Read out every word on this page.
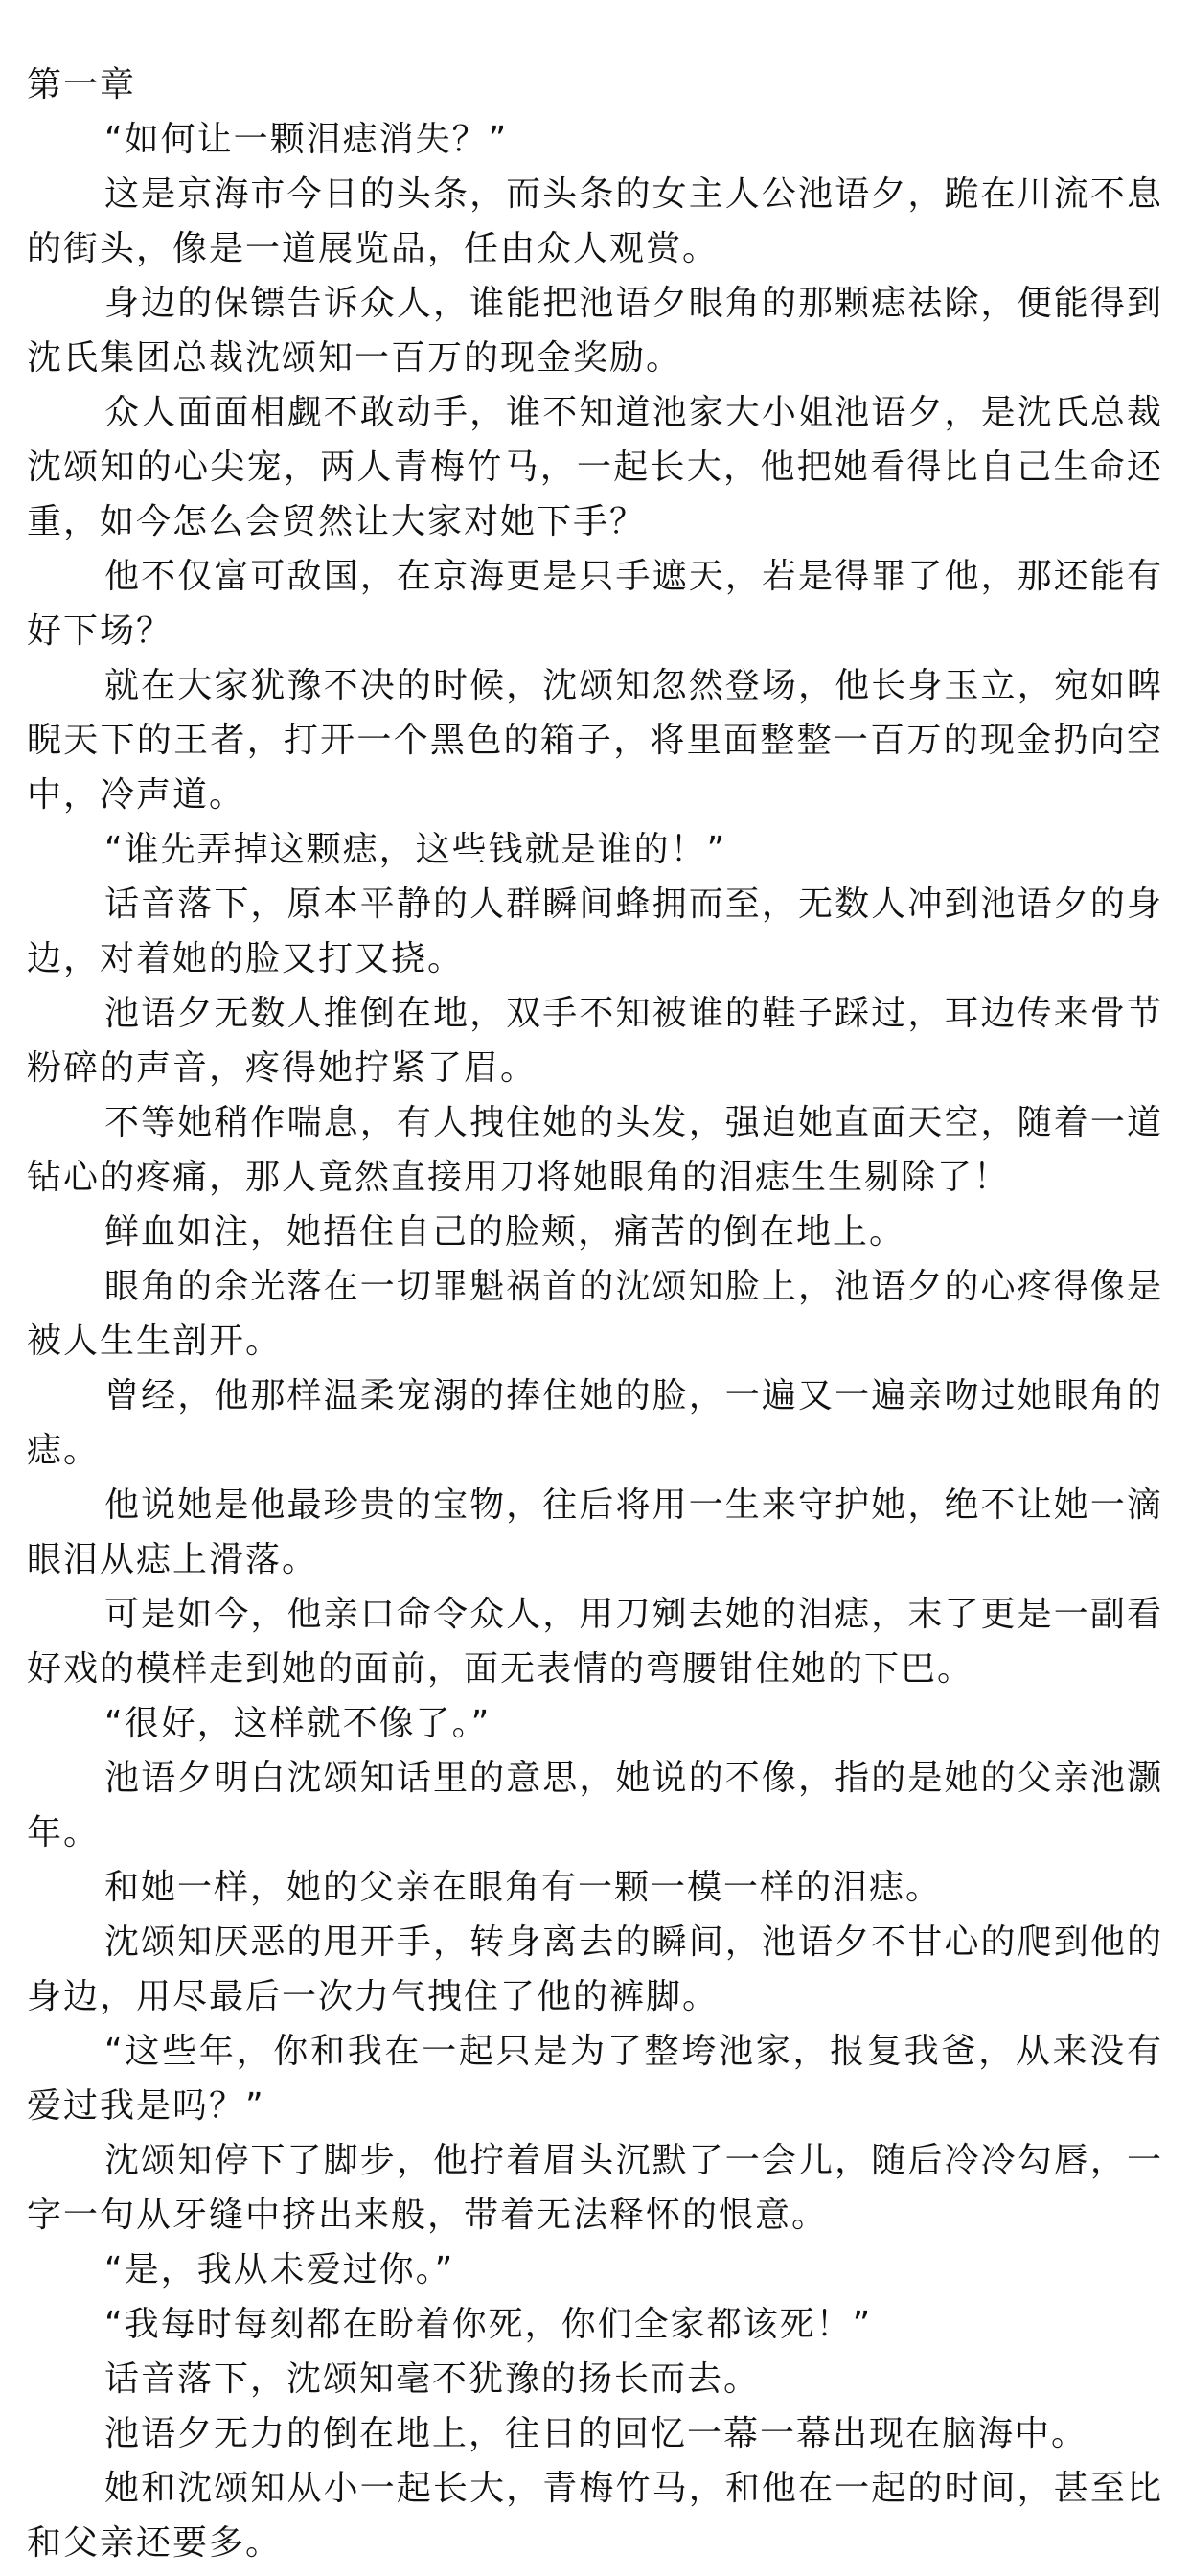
第一章

“如何让一颗泪痣消失？”

这是京海市今日的头条，而头条的女主人公池语夕，跪在川流不息的街头，像是一道展览品，任由众人观赏。

身边的保镖告诉众人，谁能把池语夕眼角的那颗痣祛除，便能得到沈氏集团总裁沈颂知一百万的现金奖励。

众人面面相觑不敢动手，谁不知道池家大小姐池语夕，是沈氏总裁沈颂知的心尖宠，两人青梅竹马，一起长大，他把她看得比自己生命还重，如今怎么会贸然让大家对她下手？

他不仅富可敌国，在京海更是只手遮天，若是得罪了他，那还能有好下场？

就在大家犹豫不决的时候，沈颂知忽然登场，他长身玉立，宛如睥睨天下的王者，打开一个黑色的箱子，将里面整整一百万的现金扔向空中，冷声道。

“谁先弄掉这颗痣，这些钱就是谁的！”

话音落下，原本平静的人群瞬间蜂拥而至，无数人冲到池语夕的身边，对着她的脸又打又挠。

池语夕无数人推倒在地，双手不知被谁的鞋子踩过，耳边传来骨节粉碎的声音，疼得她拧紧了眉。

不等她稍作喘息，有人拽住她的头发，强迫她直面天空，随着一道钻心的疼痛，那人竟然直接用刀将她眼角的泪痣生生剔除了！

鲜血如注，她捂住自己的脸颊，痛苦的倒在地上。

眼角的余光落在一切罪魁祸首的沈颂知脸上，池语夕的心疼得像是被人生生剖开。

曾经，他那样温柔宠溺的捧住她的脸，一遍又一遍亲吻过她眼角的痣。

他说她是他最珍贵的宝物，往后将用一生来守护她，绝不让她一滴眼泪从痣上滑落。

可是如今，他亲口命令众人，用刀剜去她的泪痣，末了更是一副看好戏的模样走到她的面前，面无表情的弯腰钳住她的下巴。

“很好，这样就不像了。”

池语夕明白沈颂知话里的意思，她说的不像，指的是她的父亲池灏年。

和她一样，她的父亲在眼角有一颗一模一样的泪痣。

沈颂知厌恶的甩开手，转身离去的瞬间，池语夕不甘心的爬到他的身边，用尽最后一次力气拽住了他的裤脚。

“这些年，你和我在一起只是为了整垮池家，报复我爸，从来没有爱过我是吗？”

沈颂知停下了脚步，他拧着眉头沉默了一会儿，随后冷冷勾唇，一字一句从牙缝中挤出来般，带着无法释怀的恨意。

“是，我从未爱过你。”

“我每时每刻都在盼着你死，你们全家都该死！”

话音落下，沈颂知毫不犹豫的扬长而去。

池语夕无力的倒在地上，往日的回忆一幕一幕出现在脑海中。

她和沈颂知从小一起长大，青梅竹马，和他在一起的时间，甚至比和父亲还要多。
